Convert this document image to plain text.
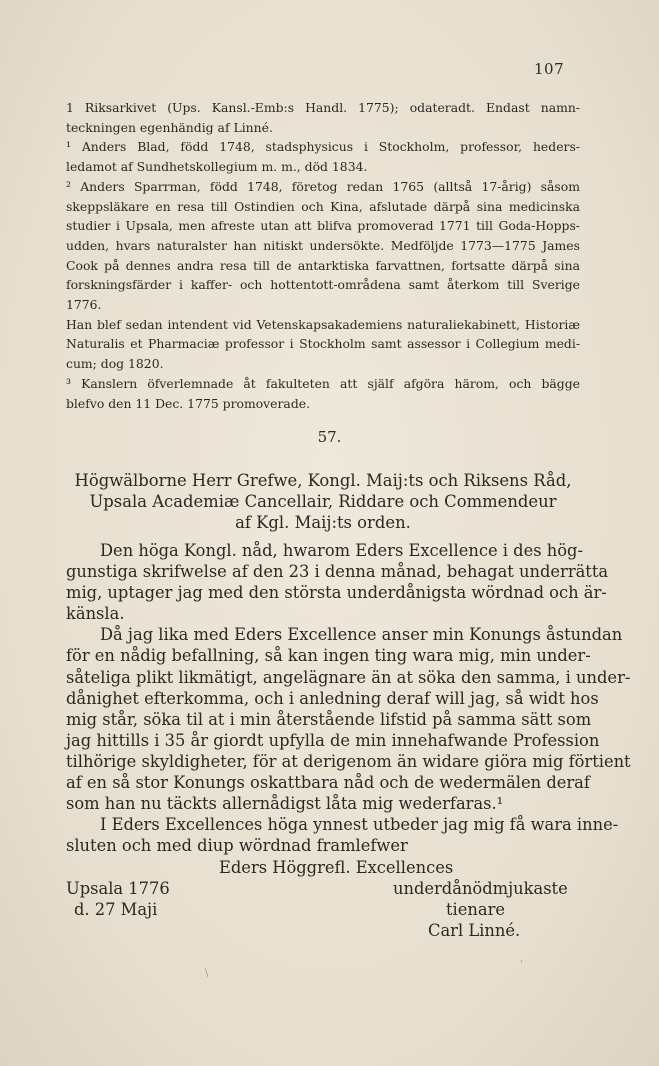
107

1 Riksarkivet (Ups. Kansl.-Emb:s Handl. 1775); odateradt. Endast namn-
teckningen egenhändig af Linné.

¹ Anders Blad, född 1748, stadsphysicus i Stockholm, professor, heders-
ledamot af Sundhetskollegium m. m., död 1834.

² Anders Sparrman, född 1748, företog redan 1765 (alltså 17-årig) såsom
skeppsläkare en resa till Ostindien och Kina, afslutade därpå sina medicinska
studier i Upsala, men afreste utan att blifva promoverad 1771 till Goda-Hopps-
udden, hvars naturalster han nitiskt undersökte. Medföljde 1773—1775 James
Cook på dennes andra resa till de antarktiska farvattnen, fortsatte därpå sina
forskningsfärder i kaffer- och hottentott-områdena samt återkom till Sverige 1776.
Han blef sedan intendent vid Vetenskapsakademiens naturaliekabinett, Historiæ
Naturalis et Pharmaciæ professor i Stockholm samt assessor i Collegium medi-
cum; dog 1820.

³ Kanslern öfverlemnade åt fakulteten att själf afgöra härom, och bägge
blefvo den 11 Dec. 1775 promoverade.

57.
Högwälborne Herr Grefwe, Kongl. Maij:ts och Riksens Råd,
Upsala Academiæ Cancellair, Riddare och Commendeur
af Kgl. Maij:ts orden.
Den höga Kongl. nåd, hwarom Eders Excellence i des hög-
gunstiga skrifwelse af den 23 i denna månad, behagat underrätta
mig, uptager jag med den största underdånigsta wördnad och är-
känsla.
Då jag lika med Eders Excellence anser min Konungs åstundan
för en nådig befallning, så kan ingen ting wara mig, min under-
såteliga plikt likmätigt, angelägnare än at söka den samma, i under-
dånighet efterkomma, och i anledning deraf will jag, så widt hos
mig står, söka til at i min återstående lifstid på samma sätt som
jag hittills i 35 år giordt upfylla de min innehafwande Profession
tilhörige skyldigheter, för at derigenom än widare giöra mig förtient
af en så stor Konungs oskattbara nåd och de wedermälen deraf
som han nu täckts allernådigst låta mig wederfaras.¹
I Eders Excellences höga ynnest utbeder jag mig få wara inne-
sluten och med diup wördnad framlefwer
Eders Höggrefl. Excellences
Upsala 1776	underdånödmjukaste
d. 27 Maji	tienare
Carl Linné.
\
,
